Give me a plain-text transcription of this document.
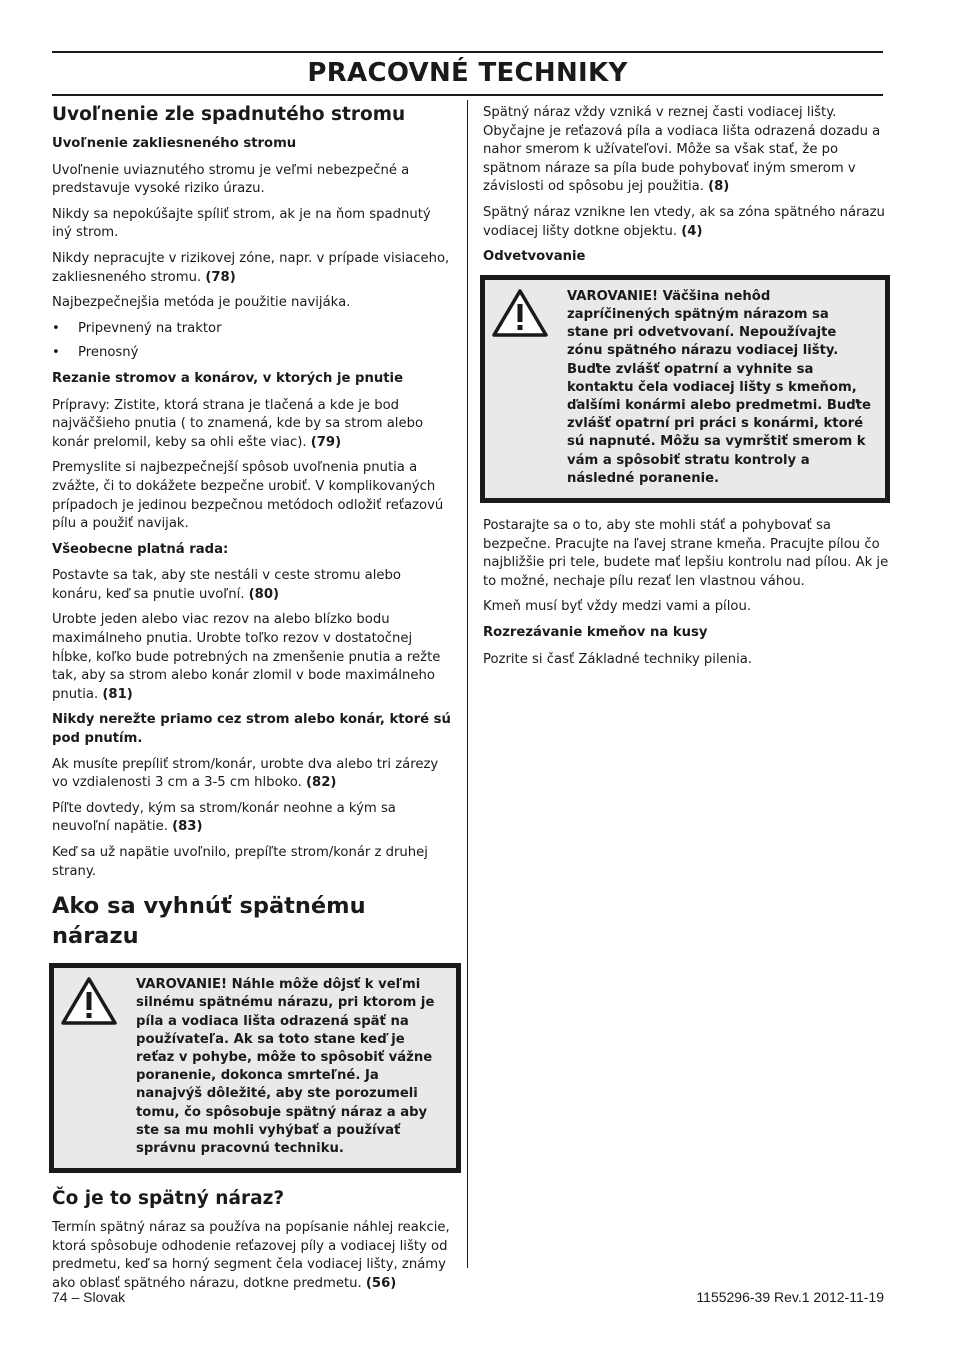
PRACOVNÉ TECHNIKY
Uvoľnenie zle spadnutého stromu
Uvoľnenie zakliesneného stromu

Uvoľnenie uviaznutého stromu je veľmi nebezpečné a predstavuje vysoké riziko úrazu.

Nikdy sa nepokúšajte spíliť strom, ak je na ňom spadnutý iný strom.

Nikdy nepracujte v rizikovej zóne, napr. v prípade visiaceho, zakliesneného stromu. (78)

Najbezpečnejšia metóda je použitie navijáka.

• Pripevnený na traktor
• Prenosný
Rezanie stromov a konárov, v ktorých je pnutie

Prípravy: Zistite, ktorá strana je tlačená a kde je bod najväčšieho pnutia ( to znamená, kde by sa strom alebo konár prelomil, keby sa ohli ešte viac). (79)

Premyslite si najbezpečnejší spôsob uvoľnenia pnutia a zvážte, či to dokážete bezpečne urobiť. V komplikovaných prípadoch je jedinou bezpečnou metódoch odložiť reťazovú pílu a použiť navijak.

Všeobecne platná rada:

Postavte sa tak, aby ste nestáli v ceste stromu alebo konáru, keď sa pnutie uvoľní. (80)

Urobte jeden alebo viac rezov na alebo blízko bodu maximálneho pnutia. Urobte toľko rezov v dostatočnej hĺbke, koľko bude potrebných na zmenšenie pnutia a režte tak, aby sa strom alebo konár zlomil v bode maximálneho pnutia. (81)

Nikdy nerežte priamo cez strom alebo konár, ktoré sú pod pnutím.

Ak musíte prepíliť strom/konár, urobte dva alebo tri zárezy vo vzdialenosti 3 cm a 3-5 cm hlboko. (82)

Píľte dovtedy, kým sa strom/konár neohne a kým sa neuvoľní napätie. (83)

Keď sa už napätie uvoľnilo, prepíľte strom/konár z druhej strany.

Ako sa vyhnúť spätnému nárazu
VAROVANIE! Náhle môže dôjsť k veľmi silnému spätnému nárazu, pri ktorom je píla a vodiaca lišta odrazená späť na používateľa. Ak sa toto stane keď je reťaz v pohybe, môže to spôsobiť vážne poranenie, dokonca smrteľné. Ja nanajvýš dôležité, aby ste porozumeli tomu, čo spôsobuje spätný náraz a aby ste sa mu mohli vyhýbať a používať správnu pracovnú techniku.
Čo je to spätný náraz?

Termín spätný náraz sa používa na popísanie náhlej reakcie, ktorá spôsobuje odhodenie reťazovej píly a vodiacej lišty od predmetu, keď sa horný segment čela vodiacej lišty, známy ako oblasť spätného nárazu, dotkne predmetu. (56)

Spätný náraz vždy vzniká v reznej časti vodiacej lišty. Obyčajne je reťazová píla a vodiaca lišta odrazená dozadu a nahor smerom k užívateľovi. Môže sa však stať, že po spätnom náraze sa píla bude pohybovať iným smerom v závislosti od spôsobu jej použitia. (8)

Spätný náraz vznikne len vtedy, ak sa zóna spätného nárazu vodiacej lišty dotkne objektu. (4)

Odvetvovanie
VAROVANIE! Väčšina nehôd zapríčinených spätným nárazom sa stane pri odvetvovaní. Nepoužívajte zónu spätného nárazu vodiacej lišty. Buďte zvlášť opatrní a vyhnite sa kontaktu čela vodiacej lišty s kmeňom, ďalšími konármi alebo predmetmi. Buďte zvlášť opatrní pri práci s konármi, ktoré sú napnuté. Môžu sa vymrštiť smerom k vám a spôsobiť stratu kontroly a následné poranenie.

Postarajte sa o to, aby ste mohli stáť a pohybovať sa bezpečne. Pracujte na ľavej strane kmeňa. Pracujte pílou čo najbližšie pri tele, budete mať lepšiu kontrolu nad pílou. Ak je to možné, nechaje pílu rezať len vlastnou váhou.

Kmeň musí byť vždy medzi vami a pílou.

Rozrezávanie kmeňov na kusy

Pozrite si časť Základné techniky pilenia.

74 – Slovak	1155296-39 Rev.1 2012-11-19
